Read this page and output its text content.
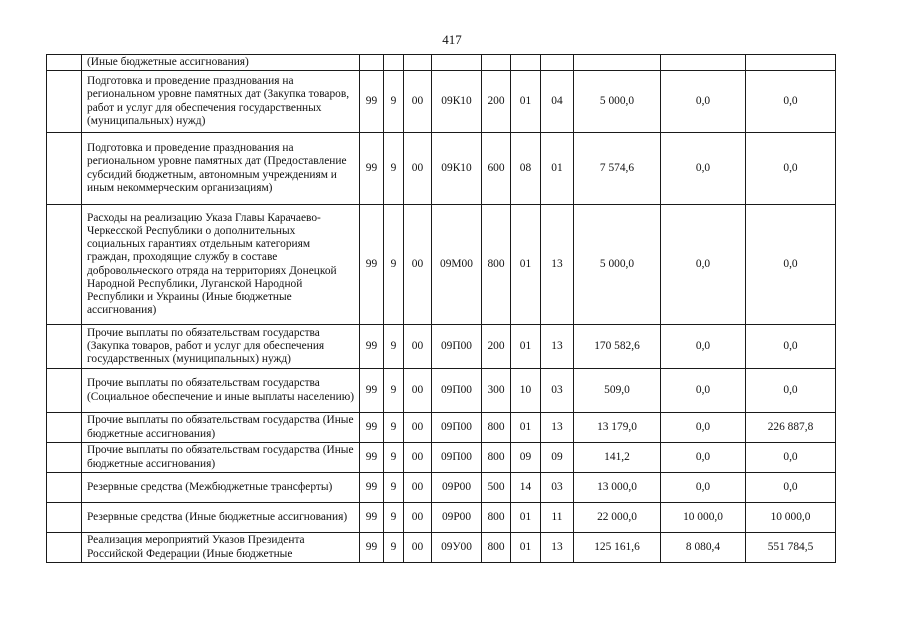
417
	(Иные бюджетные ассигнования)										
	Подготовка и проведение празднования на региональном уровне памятных дат (Закупка товаров, работ и услуг для обеспечения государственных (муниципальных) нужд)	99	9	00	09К10	200	01	04	5 000,0	0,0	0,0
	Подготовка и проведение празднования на региональном уровне памятных дат (Предоставление субсидий бюджетным, автономным учреждениям и иным некоммерческим организациям)	99	9	00	09К10	600	08	01	7 574,6	0,0	0,0
	Расходы на реализацию Указа Главы Карачаево-Черкесской Республики о дополнительных социальных гарантиях отдельным категориям граждан, проходящие службу в составе добровольческого отряда на территориях Донецкой Народной Республики, Луганской Народной Республики и Украины (Иные бюджетные ассигнования)	99	9	00	09М00	800	01	13	5 000,0	0,0	0,0
	Прочие выплаты по обязательствам государства (Закупка товаров, работ и услуг для обеспечения государственных (муниципальных) нужд)	99	9	00	09П00	200	01	13	170 582,6	0,0	0,0
	Прочие выплаты по обязательствам государства (Социальное обеспечение и иные выплаты населению)	99	9	00	09П00	300	10	03	509,0	0,0	0,0
	Прочие выплаты по обязательствам государства (Иные бюджетные ассигнования)	99	9	00	09П00	800	01	13	13 179,0	0,0	226 887,8
	Прочие выплаты по обязательствам государства (Иные бюджетные ассигнования)	99	9	00	09П00	800	09	09	141,2	0,0	0,0
	Резервные средства (Межбюджетные трансферты)	99	9	00	09Р00	500	14	03	13 000,0	0,0	0,0
	Резервные средства (Иные бюджетные ассигнования)	99	9	00	09Р00	800	01	11	22 000,0	10 000,0	10 000,0
	Реализация мероприятий Указов Президента Российской Федерации (Иные бюджетные	99	9	00	09У00	800	01	13	125 161,6	8 080,4	551 784,5
